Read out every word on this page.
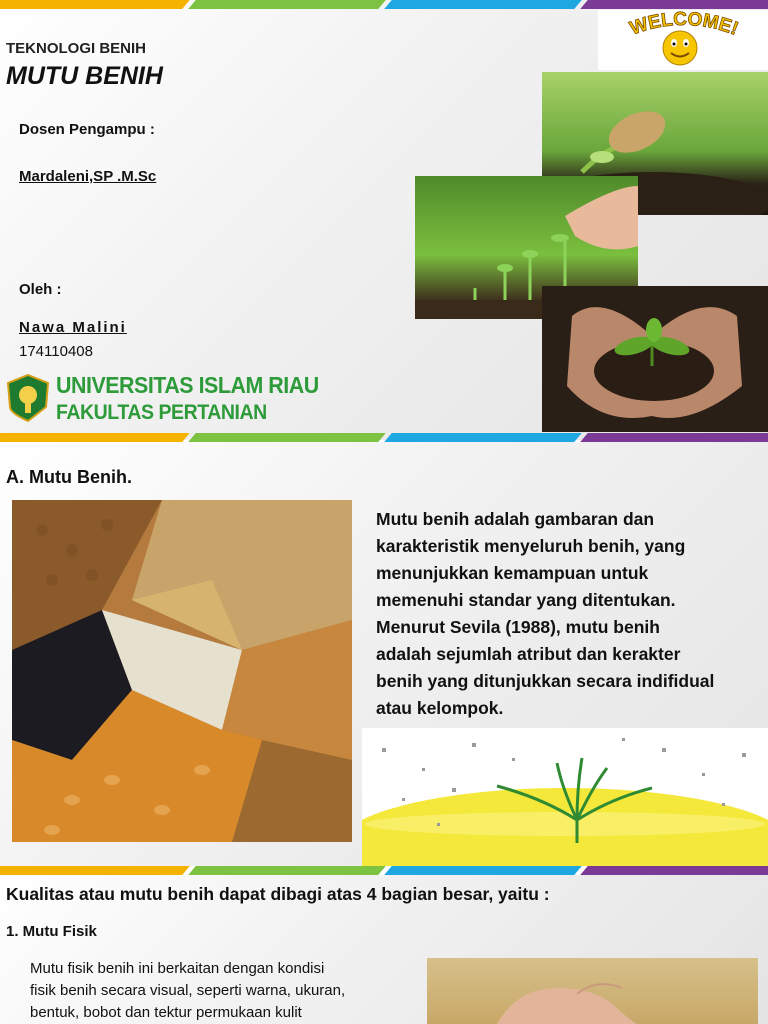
TEKNOLOGI BENIH
MUTU BENIH
Dosen Pengampu :
Mardaleni,SP .M.Sc
Oleh :
Nawa Malini
174110408
UNIVERSITAS ISLAM RIAU
FAKULTAS PERTANIAN
WELCOME!
A. Mutu Benih.
Mutu benih adalah gambaran dan
karakteristik menyeluruh benih, yang
menunjukkan kemampuan untuk
memenuhi standar yang ditentukan.
Menurut Sevila (1988), mutu benih
adalah sejumlah atribut dan kerakter
benih yang ditunjukkan secara indifidual
atau kelompok.
Kualitas atau mutu benih dapat dibagi atas 4 bagian besar, yaitu :
1. Mutu Fisik
Mutu fisik benih ini berkaitan dengan kondisi
fisik benih secara visual, seperti warna, ukuran,
bentuk, bobot dan tektur permukaan kulit
